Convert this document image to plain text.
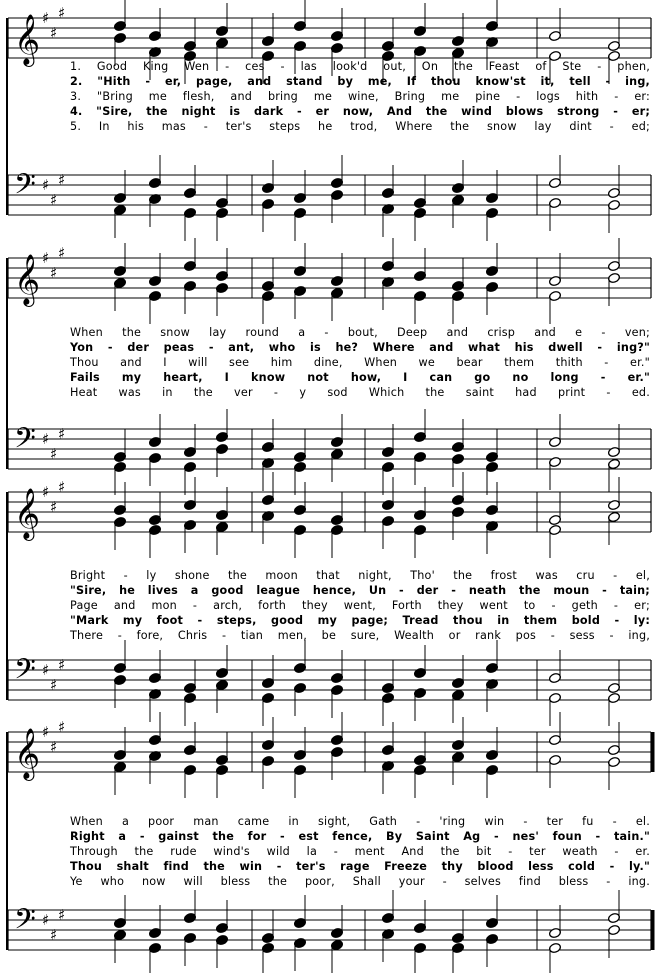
𝄞 ♯
♯
♯
1. Good King Wen - ces - las look'd out, On the Feast of Ste - phen,
2. "Hith - er, page, and stand by me, If thou know'st it, tell - ing,
3. "Bring me flesh, and bring me wine, Bring me pine - logs hith - er:
4. "Sire, the night is dark - er now, And the wind blows strong - er;
5. In his mas - ter's steps he trod, Where the snow lay dint - ed;
𝄢 ♯
♯
♯
𝄞 ♯
♯
♯
When the snow lay round a - bout, Deep and crisp and e - ven;
Yon - der peas - ant, who is he? Where and what his dwell - ing?"
Thou and I will see him dine, When we bear them thith - er."
Fails my heart, I know not how, I can go no long - er."
Heat was in the ver - y sod Which the saint had print - ed.
𝄢 ♯
♯
♯
𝄞 ♯
♯
♯
Bright - ly shone the moon that night, Tho' the frost was cru - el,
"Sire, he lives a good league hence, Un - der - neath the moun - tain;
Page and mon - arch, forth they went, Forth they went to - geth - er;
"Mark my foot - steps, good my page; Tread thou in them bold - ly:
There - fore, Chris - tian men, be sure, Wealth or rank pos - sess - ing,
𝄢 ♯
♯
♯
𝄞 ♯
♯
♯
When a poor man came in sight, Gath - 'ring win - ter fu - el.
Right a - gainst the for - est fence, By Saint Ag - nes' foun - tain."
Through the rude wind's wild la - ment And the bit - ter weath - er.
Thou shalt find the win - ter's rage Freeze thy blood less cold - ly."
Ye who now will bless the poor, Shall your - selves find bless - ing.
𝄢 ♯
♯
♯
